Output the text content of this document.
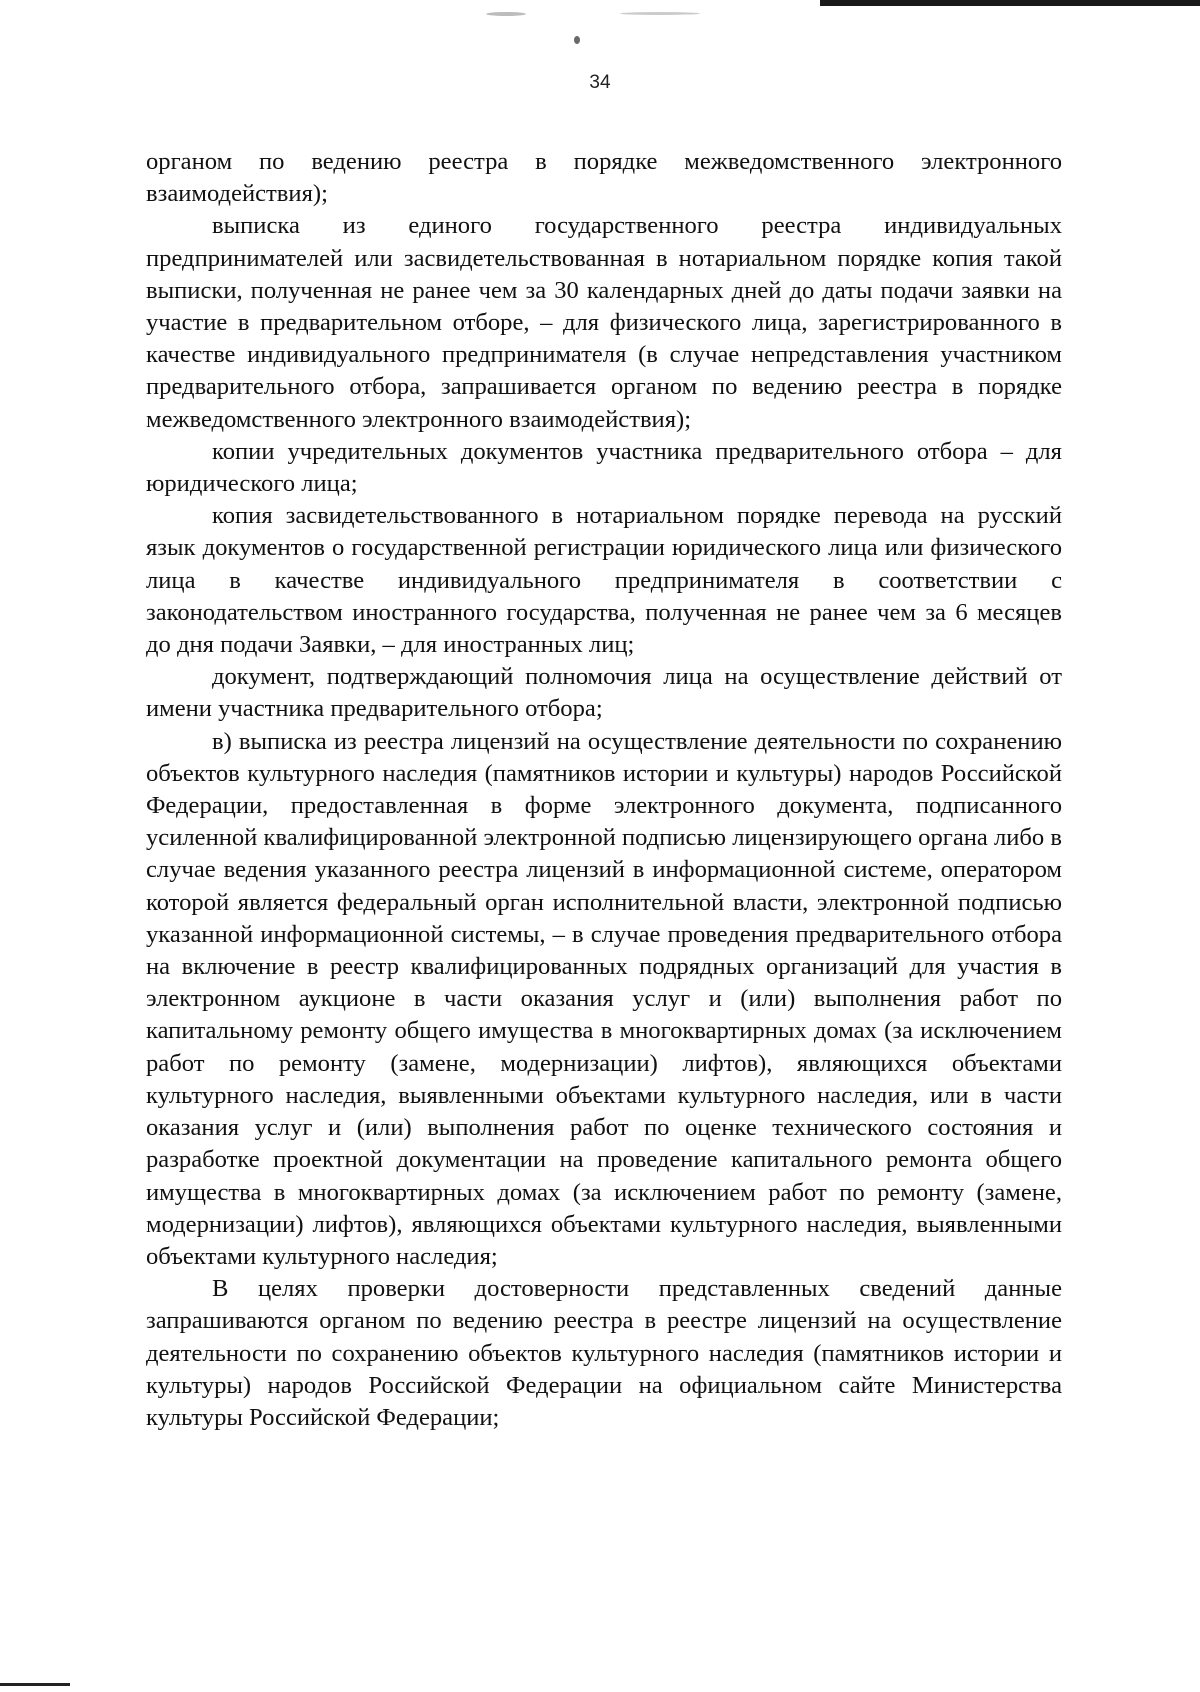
34

органом по ведению реестра в порядке межведомственного электронного взаимодействия);

выписка из единого государственного реестра индивидуальных предпринимателей или засвидетельствованная в нотариальном порядке копия такой выписки, полученная не ранее чем за 30 календарных дней до даты подачи заявки на участие в предварительном отборе, – для физического лица, зарегистрированного в качестве индивидуального предпринимателя (в случае непредставления участником предварительного отбора, запрашивается органом по ведению реестра в порядке межведомственного электронного взаимодействия);

копии учредительных документов участника предварительного отбора – для юридического лица;

копия засвидетельствованного в нотариальном порядке перевода на русский язык документов о государственной регистрации юридического лица или физического лица в качестве индивидуального предпринимателя в соответствии с законодательством иностранного государства, полученная не ранее чем за 6 месяцев до дня подачи Заявки, – для иностранных лиц;

документ, подтверждающий полномочия лица на осуществление действий от имени участника предварительного отбора;

в) выписка из реестра лицензий на осуществление деятельности по сохранению объектов культурного наследия (памятников истории и культуры) народов Российской Федерации, предоставленная в форме электронного документа, подписанного усиленной квалифицированной электронной подписью лицензирующего органа либо в случае ведения указанного реестра лицензий в информационной системе, оператором которой является федеральный орган исполнительной власти, электронной подписью указанной информационной системы, – в случае проведения предварительного отбора на включение в реестр квалифицированных подрядных организаций для участия в электронном аукционе в части оказания услуг и (или) выполнения работ по капитальному ремонту общего имущества в многоквартирных домах (за исключением работ по ремонту (замене, модернизации) лифтов), являющихся объектами культурного наследия, выявленными объектами культурного наследия, или в части оказания услуг и (или) выполнения работ по оценке технического состояния и разработке проектной документации на проведение капитального ремонта общего имущества в многоквартирных домах (за исключением работ по ремонту (замене, модернизации) лифтов), являющихся объектами культурного наследия, выявленными объектами культурного наследия;

В целях проверки достоверности представленных сведений данные запрашиваются органом по ведению реестра в реестре лицензий на осуществление деятельности по сохранению объектов культурного наследия (памятников истории и культуры) народов Российской Федерации на официальном сайте Министерства культуры Российской Федерации;
